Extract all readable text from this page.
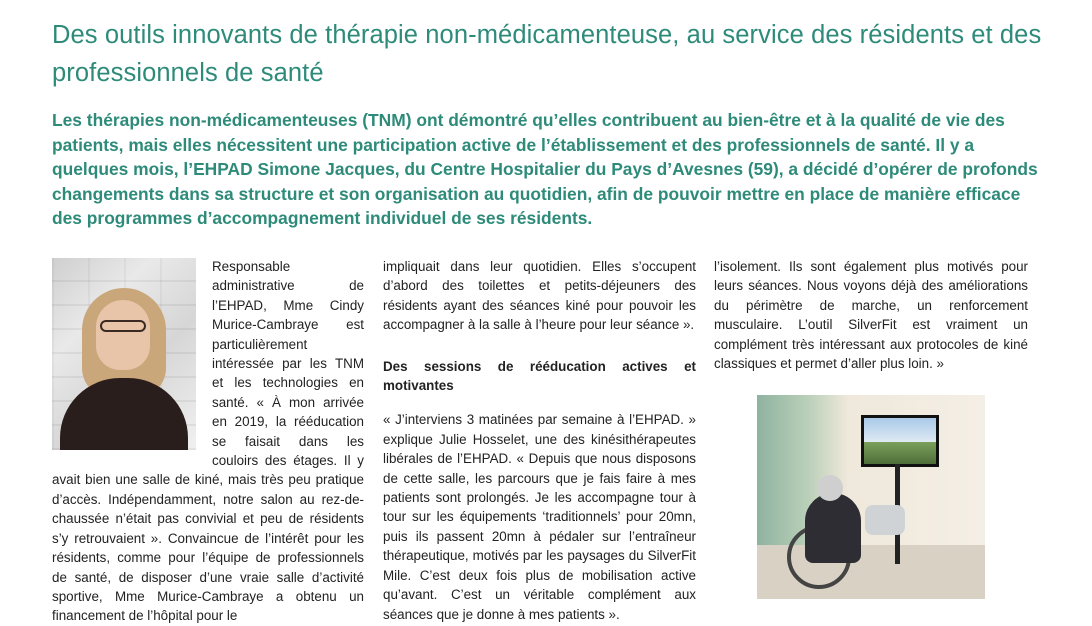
Des outils innovants de thérapie non-médicamenteuse, au service des résidents et des professionnels de santé
Les thérapies non-médicamenteuses (TNM) ont démontré qu’elles contribuent au bien-être et à la qualité de vie des patients, mais elles nécessitent une participation active de l’établissement et des professionnels de santé. Il y a quelques mois, l’EHPAD Simone Jacques, du Centre Hospitalier du Pays d’Avesnes (59), a décidé d’opérer de profonds changements dans sa structure et son organisation au quotidien, afin de pouvoir mettre en place de manière efficace des programmes d’accompagnement individuel de ses résidents.

Responsable administrative de l’EHPAD, Mme Cindy Murice-Cambraye est particulièrement intéressée par les TNM et les technologies en santé. « À mon arrivée en 2019, la rééducation se faisait dans les couloirs des étages. Il y avait bien une salle de kiné, mais très peu pratique d’accès. Indépendamment, notre salon au rez-de-chaussée n’était pas convivial et peu de résidents s’y retrouvaient ». Convaincue de l’intérêt pour les résidents, comme pour l’équipe de professionnels de santé, de disposer d’une vraie salle d’activité sportive, Mme Murice-Cambraye a obtenu un financement de l’hôpital pour le

impliquait dans leur quotidien. Elles s’occupent d’abord des toilettes et petits-déjeuners des résidents ayant des séances kiné pour pouvoir les accompagner à la salle à l’heure pour leur séance ».

Des sessions de rééducation actives et motivantes

« J’interviens 3 matinées par semaine à l’EHPAD. » explique Julie Hosselet, une des kinésithérapeutes libérales de l’EHPAD. « Depuis que nous disposons de cette salle, les parcours que je fais faire à mes patients sont prolongés. Je les accompagne tour à tour sur les équipements ‘traditionnels’ pour 20mn, puis ils passent 20mn à pédaler sur l’entraîneur thérapeutique, motivés par les paysages du SilverFit Mile. C’est deux fois plus de mobilisation active qu’avant. C’est un véritable complément aux séances que je donne à mes patients ».

l’isolement. Ils sont également plus motivés pour leurs séances. Nous voyons déjà des améliorations du périmètre de marche, un renforcement musculaire. L’outil SilverFit est vraiment un complément très intéressant aux protocoles de kiné classiques et permet d’aller plus loin. »
